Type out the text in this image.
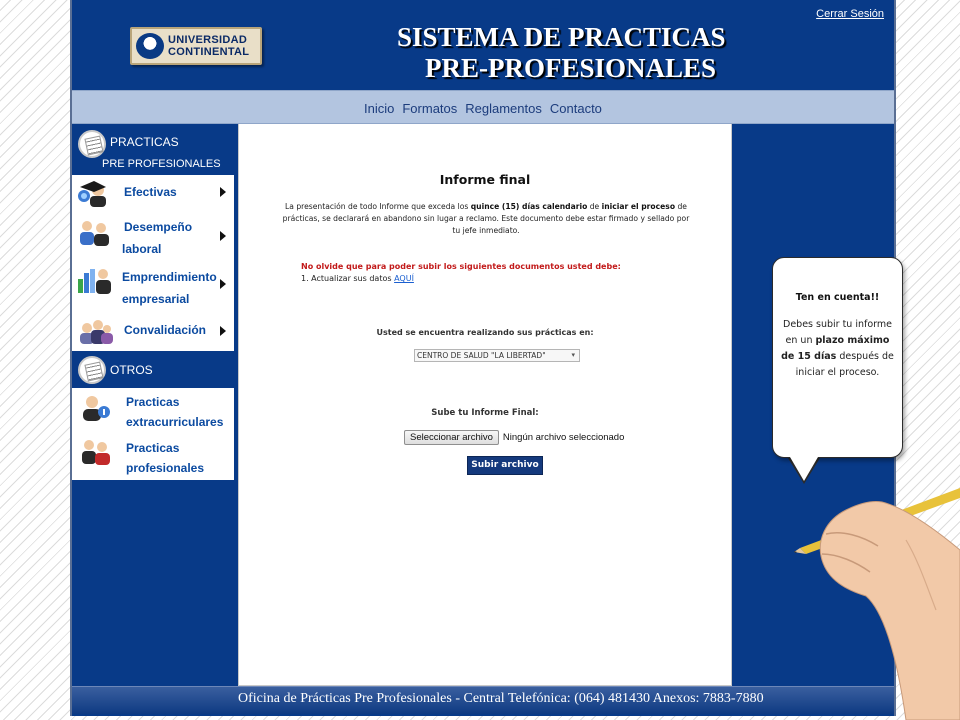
UNIVERSIDAD
CONTINENTAL	SISTEMA DE PRACTICAS
PRE-PROFESIONALES
Cerrar Sesión
Inicio Formatos Reglamentos Contacto
PRACTICAS
PRE PROFESIONALES
Efectivas
Desempeño
laboral
Emprendimiento
empresarial
Convalidación
OTROS
Practicas
extracurriculares
Practicas
profesionales
Informe final
La presentación de todo Informe que exceda los quince (15) días calendario de iniciar el proceso de prácticas, se declarará en abandono sin lugar a reclamo. Este documento debe estar firmado y sellado por tu jefe inmediato.
No olvide que para poder subir los siguientes documentos usted debe:
1. Actualizar sus datos AQUÍ
Usted se encuentra realizando sus prácticas en:
CENTRO DE SALUD "LA LIBERTAD" ▾
Sube tu Informe Final:
Seleccionar archivo	Ningún archivo seleccionado
Subir archivo
Oficina de Prácticas Pre Profesionales - Central Telefónica: (064) 481430 Anexos: 7883-7880
Ten en cuenta!!
Debes subir tu informe en un plazo máximo de 15 días después de iniciar el proceso.
